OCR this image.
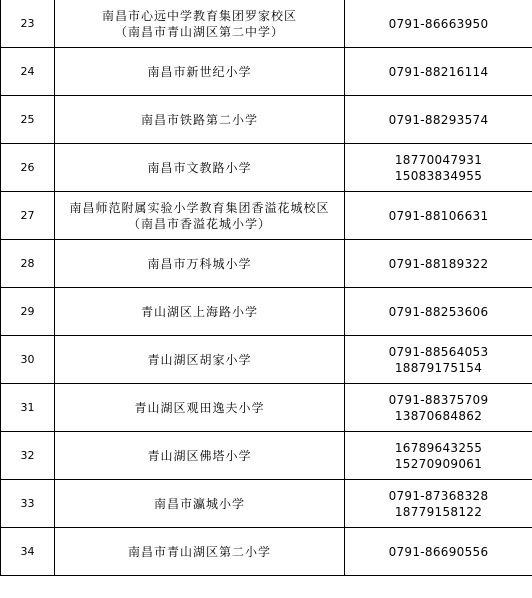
23	南昌市心远中学教育集团罗家校区
（南昌市青山湖区第二中学）	0791-86663950

24	南昌市新世纪小学	0791-88216114

25	南昌市铁路第二小学	0791-88293574

26	南昌市文教路小学	18770047931
15083834955

27	南昌师范附属实验小学教育集团香溢花城校区
（南昌市香溢花城小学）	0791-88106631

28	南昌市万科城小学	0791-88189322

29	青山湖区上海路小学	0791-88253606

30	青山湖区胡家小学	0791-88564053
18879175154

31	青山湖区观田逸夫小学	0791-88375709
13870684862

32	青山湖区佛塔小学	16789643255
15270909061

33	南昌市瀛城小学	0791-87368328
18779158122

34	南昌市青山湖区第二小学	0791-86690556
